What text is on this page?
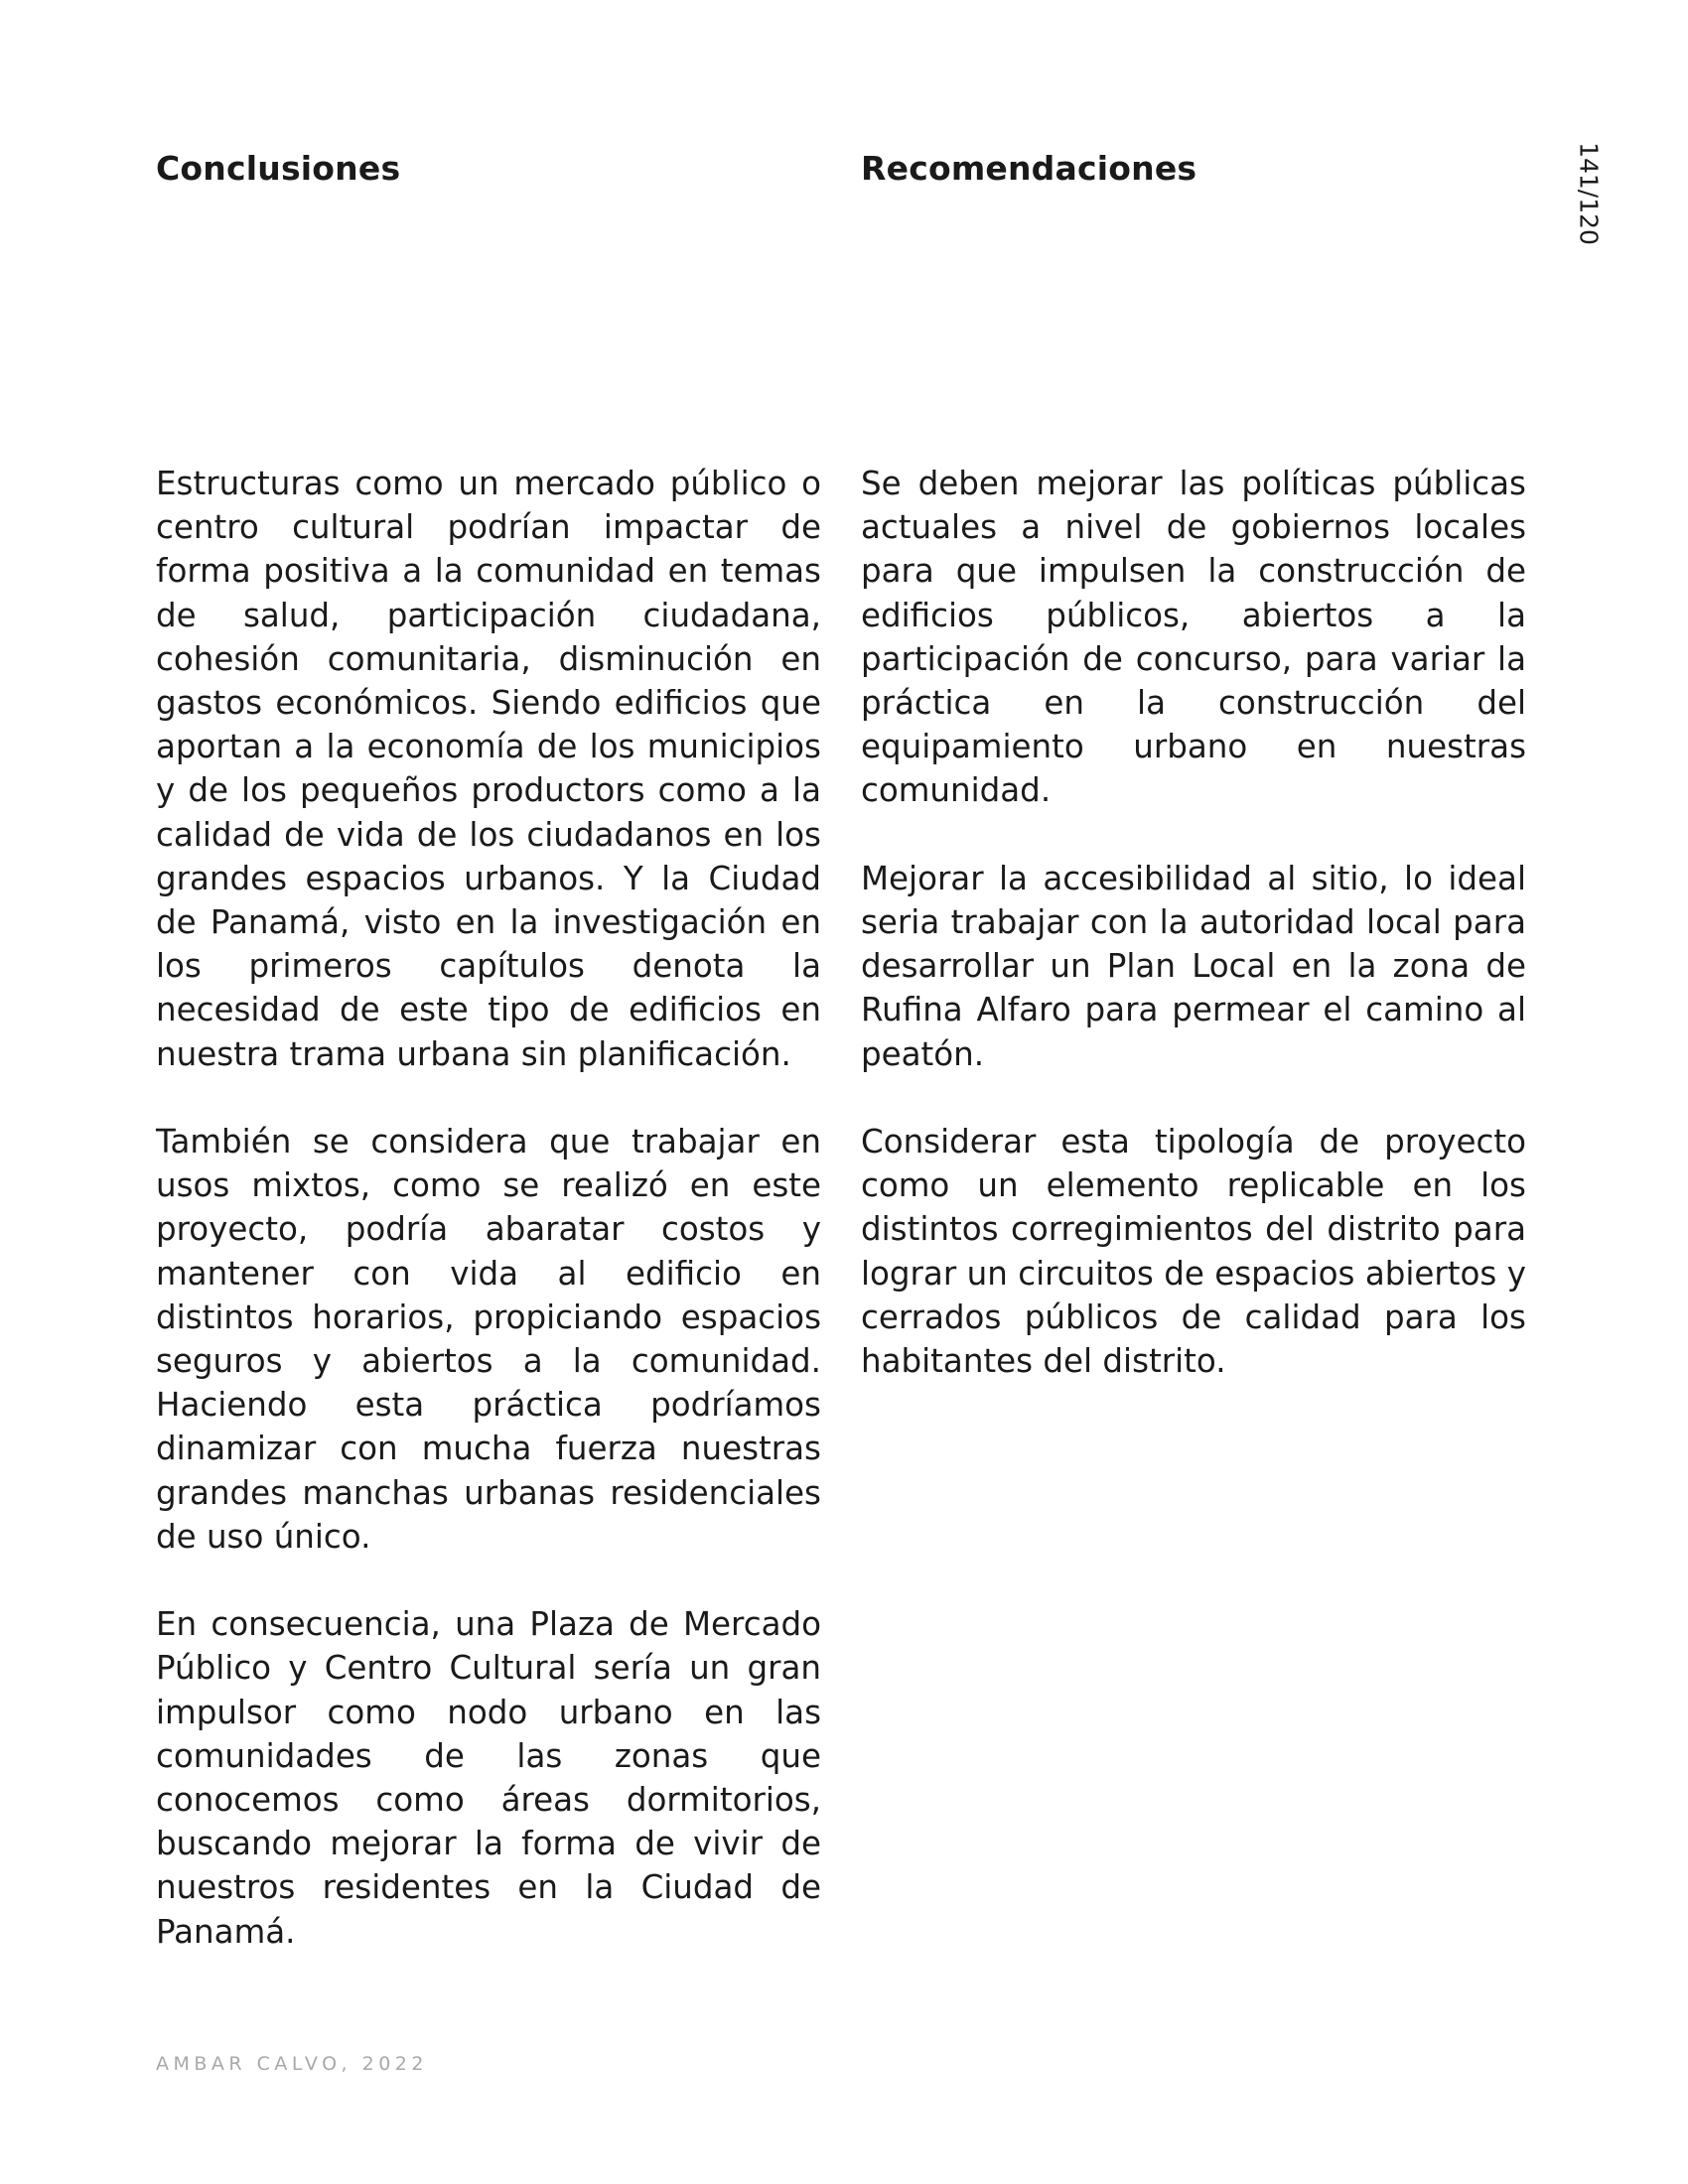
Conclusiones	Recomendaciones	141/120

Estructuras como un mercado público o centro cultural podrían impactar de forma positiva a la comunidad en temas de salud, participación ciudadana, cohesión comunitaria, disminución en gastos económicos. Siendo edificios que aportan a la economía de los municipios y de los pequeños productors como a la calidad de vida de los ciudadanos en los grandes espacios urbanos. Y la Ciudad de Panamá, visto en la investigación en los primeros capítulos denota la necesidad de este tipo de edificios en nuestra trama urbana sin planificación.

También se considera que trabajar en usos mixtos, como se realizó en este proyecto, podría abaratar costos y mantener con vida al edificio en distintos horarios, propiciando espacios seguros y abiertos a la comunidad. Haciendo esta práctica podríamos dinamizar con mucha fuerza nuestras grandes manchas urbanas residenciales de uso único.

En consecuencia, una Plaza de Mercado Público y Centro Cultural sería un gran impulsor como nodo urbano en las comunidades de las zonas que conocemos como áreas dormitorios, buscando mejorar la forma de vivir de nuestros residentes en la Ciudad de Panamá.

Se deben mejorar las políticas públicas actuales a nivel de gobiernos locales para que impulsen la construcción de edificios públicos, abiertos a la participación de concurso, para variar la práctica en la construcción del equipamiento urbano en nuestras comunidad.

Mejorar la accesibilidad al sitio, lo ideal seria trabajar con la autoridad local para desarrollar un Plan Local en la zona de Rufina Alfaro para permear el camino al peatón.

Considerar esta tipología de proyecto como un elemento replicable en los distintos corregimientos del distrito para lograr un circuitos de espacios abiertos y cerrados públicos de calidad para los habitantes del distrito.

AMBAR CALVO, 2022
